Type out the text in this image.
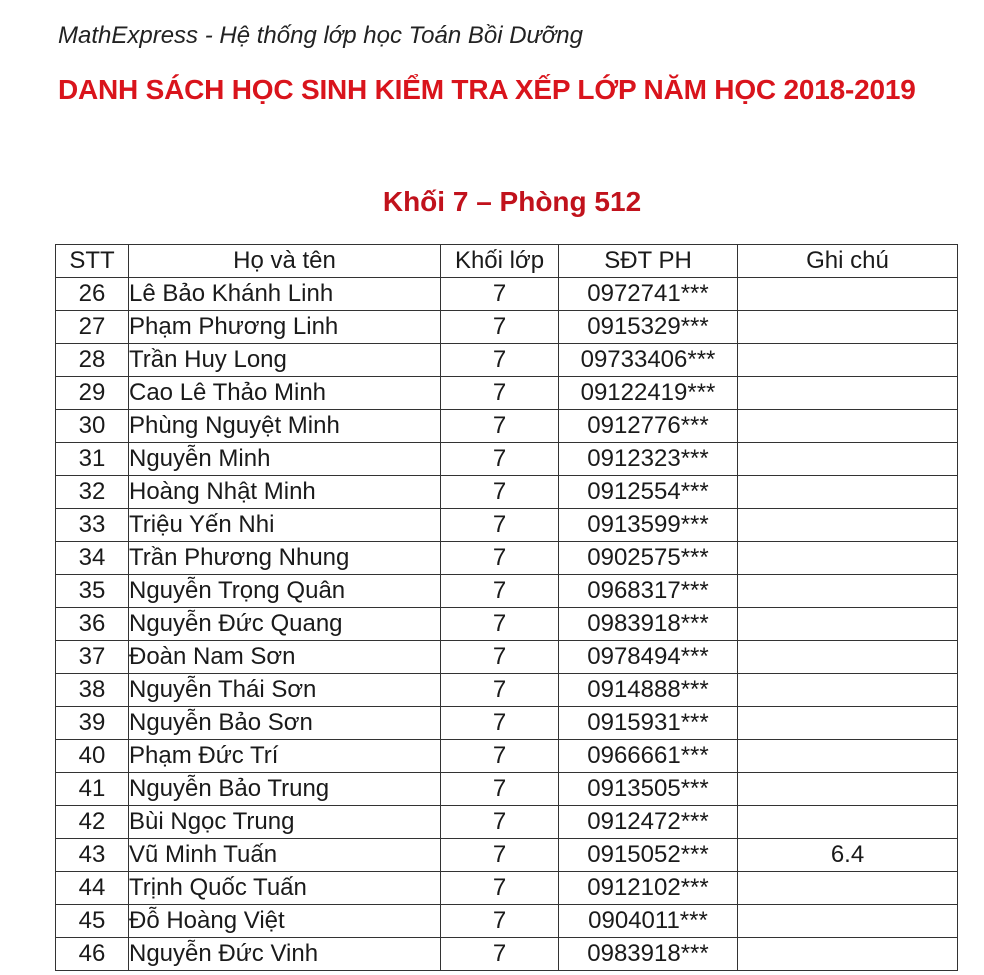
MathExpress - Hệ thống lớp học Toán Bồi Dưỡng
DANH SÁCH HỌC SINH KIỂM TRA XẾP LỚP NĂM HỌC 2018-2019
Khối 7 – Phòng 512
STT	Họ và tên	Khối lớp	SĐT PH	Ghi chú
26	Lê Bảo Khánh Linh	7	0972741***	
27	Phạm Phương Linh	7	0915329***	
28	Trần Huy Long	7	09733406***	
29	Cao Lê Thảo Minh	7	09122419***	
30	Phùng Nguyệt Minh	7	0912776***	
31	Nguyễn Minh	7	0912323***	
32	Hoàng Nhật Minh	7	0912554***	
33	Triệu Yến Nhi	7	0913599***	
34	Trần Phương Nhung	7	0902575***	
35	Nguyễn Trọng Quân	7	0968317***	
36	Nguyễn Đức Quang	7	0983918***	
37	Đoàn Nam Sơn	7	0978494***	
38	Nguyễn Thái Sơn	7	0914888***	
39	Nguyễn Bảo Sơn	7	0915931***	
40	Phạm Đức Trí	7	0966661***	
41	Nguyễn Bảo Trung	7	0913505***	
42	Bùi Ngọc Trung	7	0912472***	
43	Vũ Minh Tuấn	7	0915052***	6.4
44	Trịnh Quốc Tuấn	7	0912102***	
45	Đỗ Hoàng Việt	7	0904011***	
46	Nguyễn Đức Vinh	7	0983918***	
